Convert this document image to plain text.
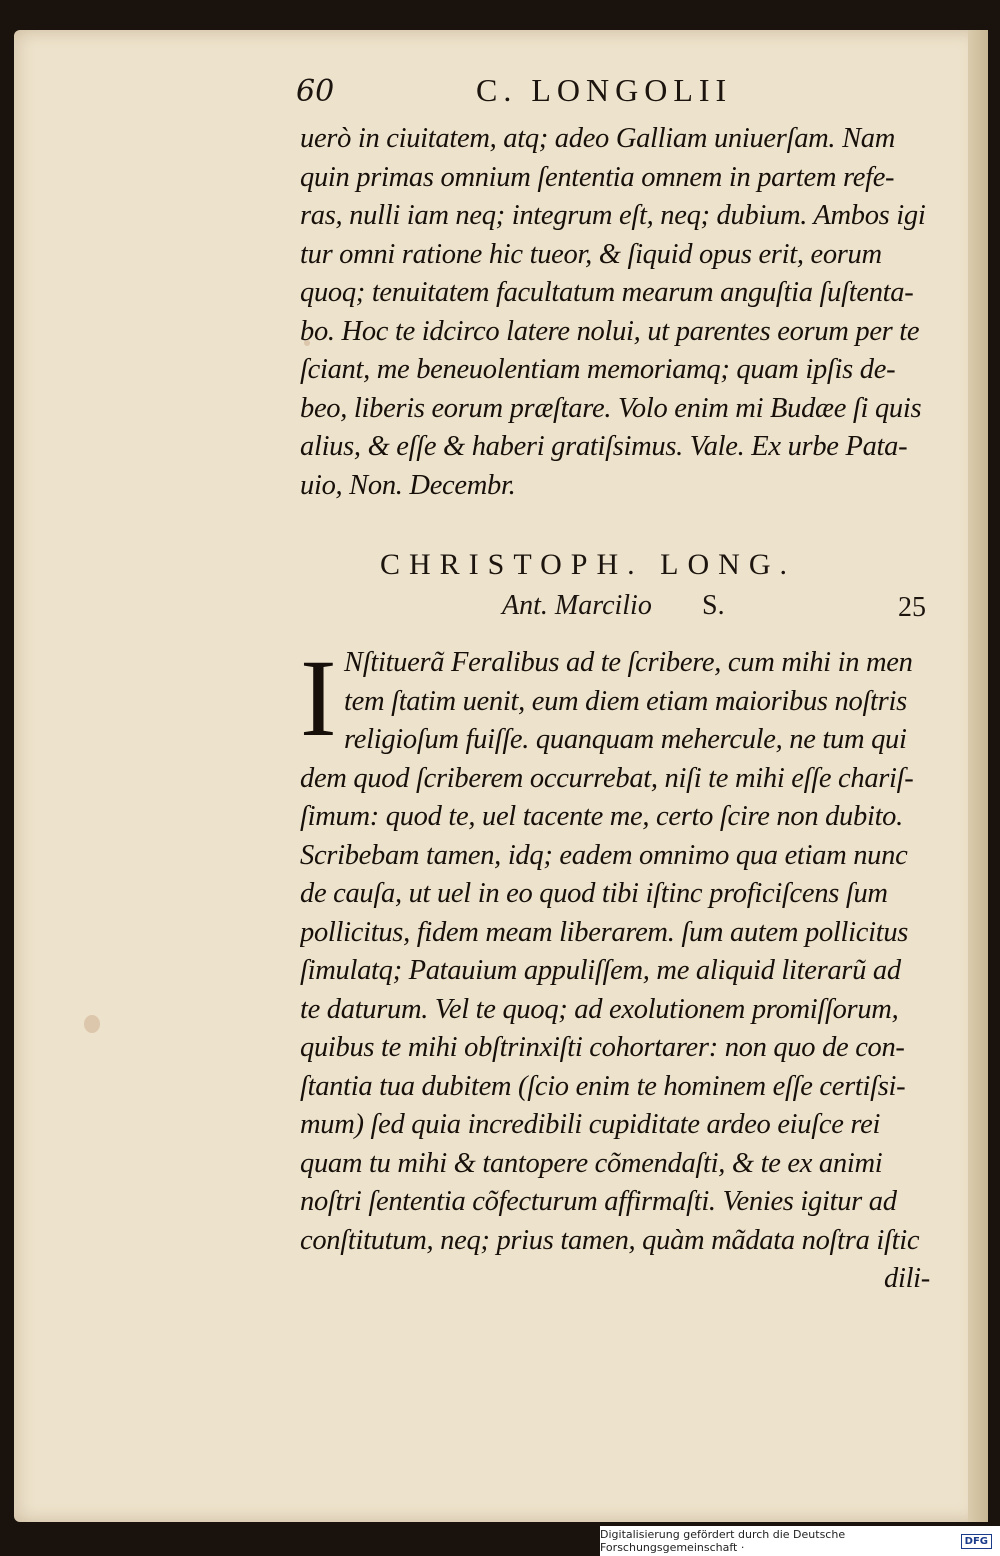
60	C. LONGOLII
uerò in ciuitatem, atq; adeo Galliam uniuerſam. Nam
quin primas omnium ſententia omnem in partem refe-
ras, nulli iam neq; integrum eſt, neq; dubium. Ambos igi
tur omni ratione hic tueor, & ſiquid opus erit, eorum
quoq; tenuitatem facultatum mearum anguſtia ſuſtenta-
bo. Hoc te idcirco latere nolui, ut parentes eorum per te
ſciant, me beneuolentiam memoriamq; quam ipſis de-
beo, liberis eorum præſtare. Volo enim mi Budæe ſi quis
alius, & eſſe & haberi gratiſsimus. Vale. Ex urbe Pata-
uio, Non. Decembr.
CHRISTOPH. LONG.
Ant. Marcilio S.	25
I Nſtituerã Feralibus ad te ſcribere, cum mihi in men
tem ſtatim uenit, eum diem etiam maioribus noſtris
religioſum fuiſſe. quanquam mehercule, ne tum qui
dem quod ſcriberem occurrebat, niſi te mihi eſſe chariſ-
ſimum: quod te, uel tacente me, certo ſcire non dubito.
Scribebam tamen, idq; eadem omnimo qua etiam nunc
de cauſa, ut uel in eo quod tibi iſtinc proficiſcens ſum
pollicitus, fidem meam liberarem. ſum autem pollicitus
ſimulatq; Patauium appuliſſem, me aliquid literarũ ad
te daturum. Vel te quoq; ad exolutionem promiſſorum,
quibus te mihi obſtrinxiſti cohortarer: non quo de con-
ſtantia tua dubitem (ſcio enim te hominem eſſe certiſsi-
mum) ſed quia incredibili cupiditate ardeo eiuſce rei
quam tu mihi & tantopere cõmendaſti, & te ex animi
noſtri ſententia cõfecturum affirmaſti. Venies igitur ad
conſtitutum, neq; prius tamen, quàm mãdata noſtra iſtic
dili-
Digitalisierung gefördert durch die Deutsche Forschungsgemeinschaft ·	DFG
